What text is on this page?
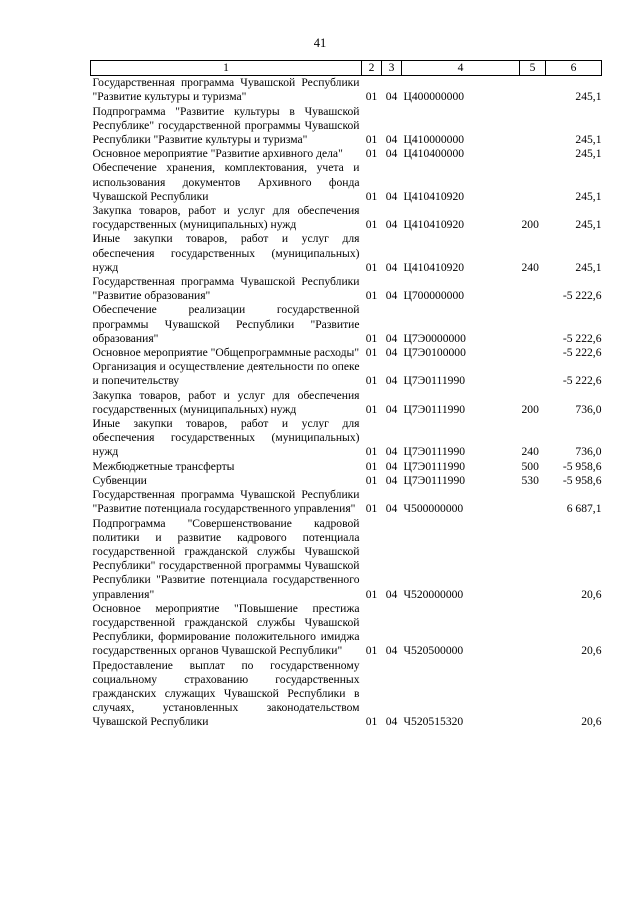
41
1	2	3	4	5	6
Государственная программа Чувашской Республики "Развитие культуры и туризма"	01	04	Ц400000000		245,1
Подпрограмма "Развитие культуры в Чувашской Республике" государственной программы Чувашской Республики "Развитие культуры и туризма"	01	04	Ц410000000		245,1
Основное мероприятие "Развитие архивного дела"	01	04	Ц410400000		245,1
Обеспечение хранения, комплектования, учета и использования документов Архивного фонда Чувашской Республики	01	04	Ц410410920		245,1
Закупка товаров, работ и услуг для обеспечения государственных (муниципальных) нужд	01	04	Ц410410920	200	245,1
Иные закупки товаров, работ и услуг для обеспечения государственных (муниципальных) нужд	01	04	Ц410410920	240	245,1
Государственная программа Чувашской Республики "Развитие образования"	01	04	Ц700000000		-5 222,6
Обеспечение реализации государственной программы Чувашской Республики "Развитие образования"	01	04	Ц7Э0000000		-5 222,6
Основное мероприятие "Общепрограммные расходы"	01	04	Ц7Э0100000		-5 222,6
Организация и осуществление деятельности по опеке и попечительству	01	04	Ц7Э0111990		-5 222,6
Закупка товаров, работ и услуг для обеспечения государственных (муниципальных) нужд	01	04	Ц7Э0111990	200	736,0
Иные закупки товаров, работ и услуг для обеспечения государственных (муниципальных) нужд	01	04	Ц7Э0111990	240	736,0
Межбюджетные трансферты	01	04	Ц7Э0111990	500	-5 958,6
Субвенции	01	04	Ц7Э0111990	530	-5 958,6
Государственная программа Чувашской Республики "Развитие потенциала государственного управления"	01	04	Ч500000000		6 687,1
Подпрограмма "Совершенствование кадровой политики и развитие кадрового потенциала государственной гражданской службы Чувашской Республики" государственной программы Чувашской Республики "Развитие потенциала государственного управления"	01	04	Ч520000000		20,6
Основное мероприятие "Повышение престижа государственной гражданской службы Чувашской Республики, формирование положительного имиджа государственных органов Чувашской Республики"	01	04	Ч520500000		20,6
Предоставление выплат по государственному социальному страхованию государственных гражданских служащих Чувашской Республики в случаях, установленных законодательством Чувашской Республики	01	04	Ч520515320		20,6
